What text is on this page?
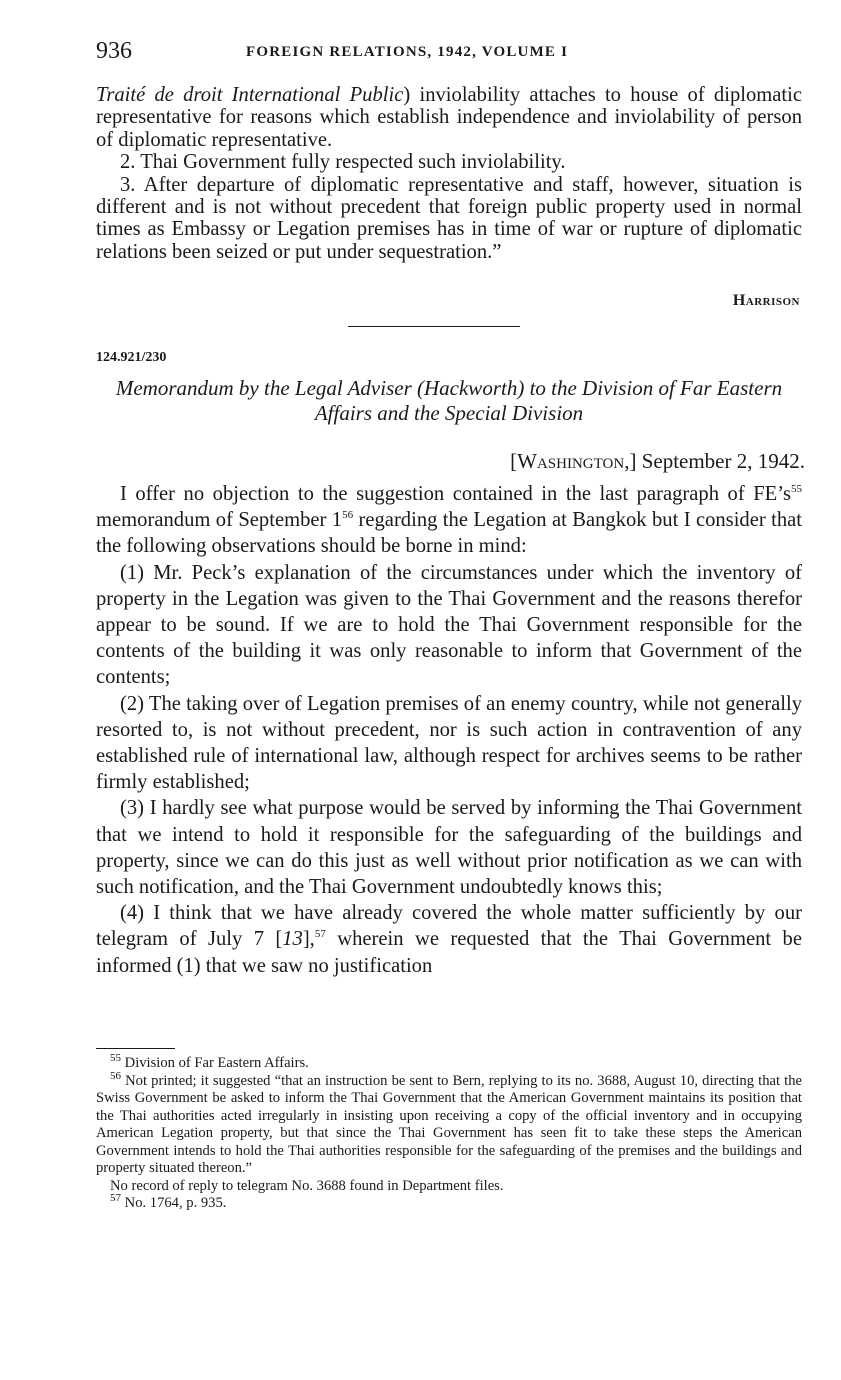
936	FOREIGN RELATIONS, 1942, VOLUME I

Traité de droit International Public) inviolability attaches to house of diplomatic representative for reasons which establish independence and inviolability of person of diplomatic representative.

2. Thai Government fully respected such inviolability.

3. After departure of diplomatic representative and staff, however, situation is different and is not without precedent that foreign public property used in normal times as Embassy or Legation premises has in time of war or rupture of diplomatic relations been seized or put under sequestration.”

Harrison
124.921/230
Memorandum by the Legal Adviser (Hackworth) to the Division of Far Eastern Affairs and the Special Division
[Washington,] September 2, 1942.

I offer no objection to the suggestion contained in the last paragraph of $FE’s^{55}$ memorandum of September $1^{56}$ regarding the Legation at Bangkok but I consider that the following observations should be borne in mind:

(1) Mr. Peck’s explanation of the circumstances under which the inventory of property in the Legation was given to the Thai Government and the reasons therefor appear to be sound. If we are to hold the Thai Government responsible for the contents of the building it was only reasonable to inform that Government of the contents;

(2) The taking over of Legation premises of an enemy country, while not generally resorted to, is not without precedent, nor is such action in contravention of any established rule of international law, although respect for archives seems to be rather firmly established;

(3) I hardly see what purpose would be served by informing the Thai Government that we intend to hold it responsible for the safeguarding of the buildings and property, since we can do this just as well without prior notification as we can with such notification, and the Thai Government undoubtedly knows this;

(4) I think that we have already covered the whole matter sufficiently by our telegram of July 7 [13],$^{57}$ wherein we requested that the Thai Government be informed (1) that we saw no justification

$^{55}$ Division of Far Eastern Affairs.

$^{56}$ Not printed; it suggested “that an instruction be sent to Bern, replying to its no. 3688, August 10, directing that the Swiss Government be asked to inform the Thai Government that the American Government maintains its position that the Thai authorities acted irregularly in insisting upon receiving a copy of the official inventory and in occupying American Legation property, but that since the Thai Government has seen fit to take these steps the American Government intends to hold the Thai authorities responsible for the safeguarding of the premises and the buildings and property situated thereon.”

No record of reply to telegram No. 3688 found in Department files.

$^{57}$ No. 1764, p. 935.
